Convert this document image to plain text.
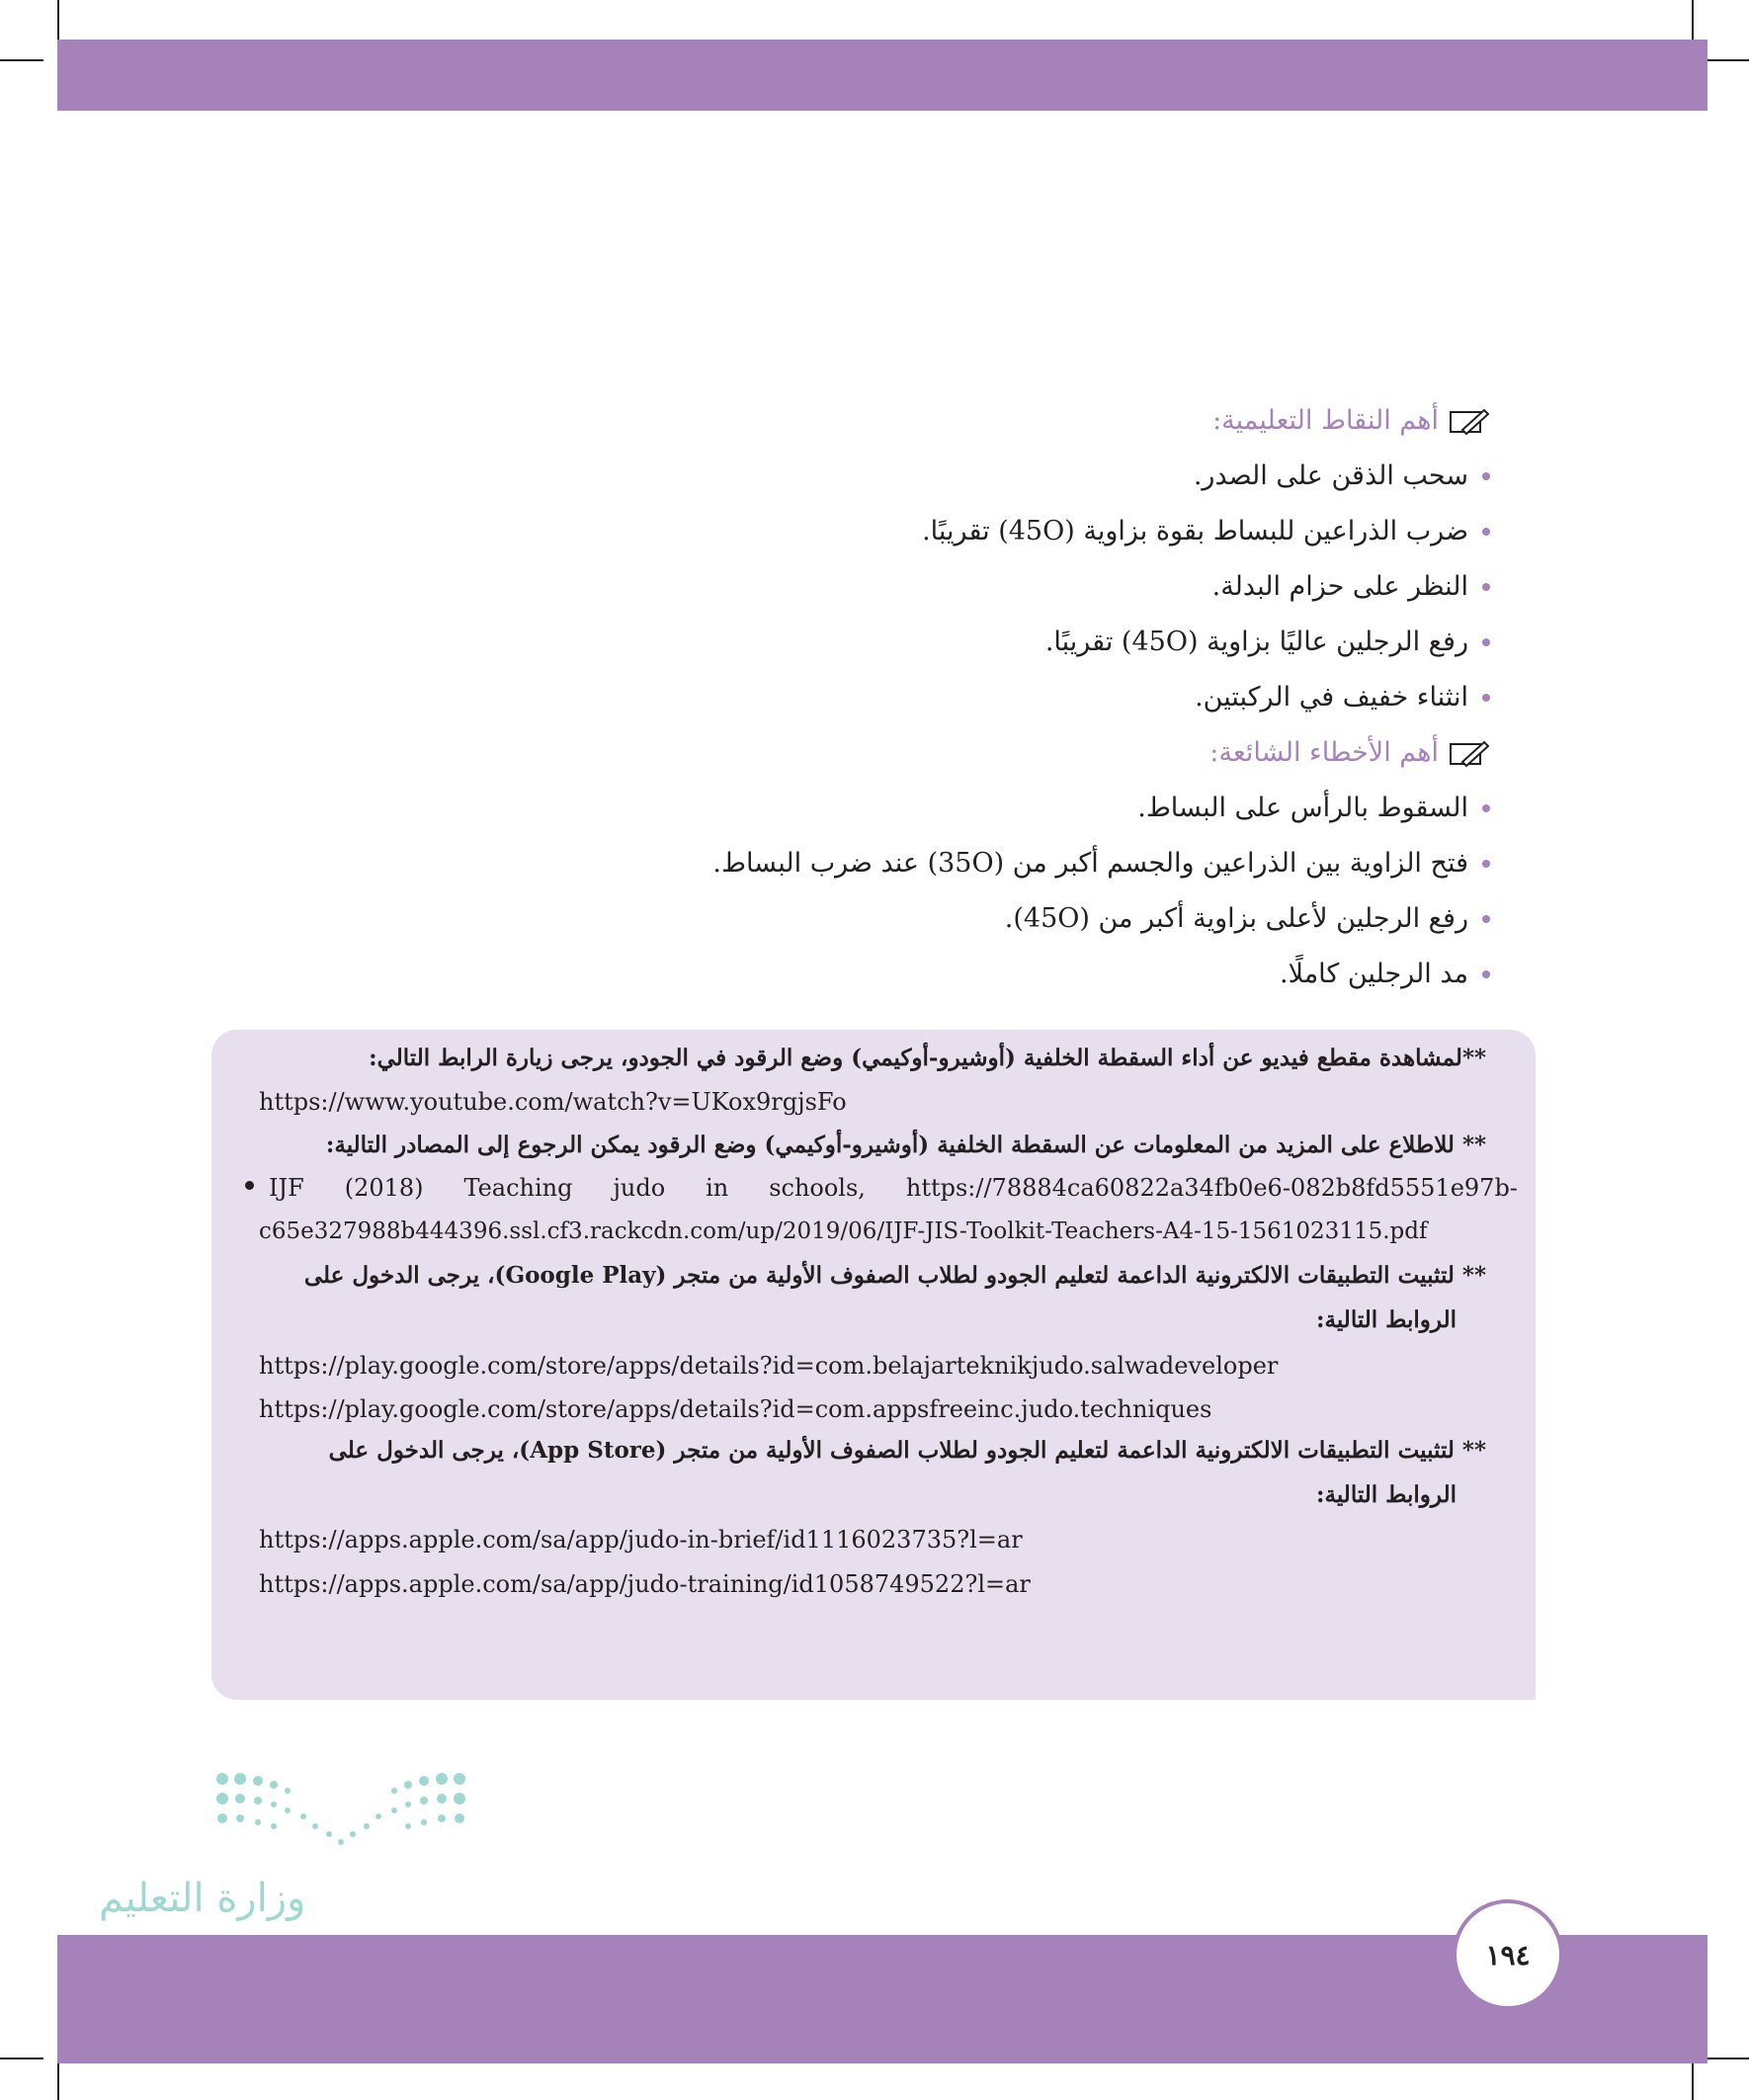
أهم النقاط التعليمية:
سحب الذقن على الصدر.
ضرب الذراعين للبساط بقوة بزاوية (45O) تقريبًا.
النظر على حزام البدلة.
رفع الرجلين عاليًا بزاوية (45O) تقريبًا.
انثناء خفيف في الركبتين.
أهم الأخطاء الشائعة:
السقوط بالرأس على البساط.
فتح الزاوية بين الذراعين والجسم أكبر من (35O) عند ضرب البساط.
رفع الرجلين لأعلى بزاوية أكبر من (45O).
مد الرجلين كاملًا.
**لمشاهدة مقطع فيديو عن أداء السقطة الخلفية (أوشيرو-أوكيمي) وضع الرقود في الجودو، يرجى زيارة الرابط التالي:
https://www.youtube.com/watch?v=UKox9rgjsFo
** للاطلاع على المزيد من المعلومات عن السقطة الخلفية (أوشيرو-أوكيمي) وضع الرقود يمكن الرجوع إلى المصادر التالية:
IJF (2018) Teaching judo in schools, https://78884ca60822a34fb0e6-082b8fd5551e97b-
c65e327988b444396.ssl.cf3.rackcdn.com/up/2019/06/IJF-JIS-Toolkit-Teachers-A4-15-1561023115.pdf
** لتثبيت التطبيقات الالكترونية الداعمة لتعليم الجودو لطلاب الصفوف الأولية من متجر (Google Play)، يرجى الدخول على
الروابط التالية:
https://play.google.com/store/apps/details?id=com.belajarteknikjudo.salwadeveloper
https://play.google.com/store/apps/details?id=com.appsfreeinc.judo.techniques
** لتثبيت التطبيقات الالكترونية الداعمة لتعليم الجودو لطلاب الصفوف الأولية من متجر (App Store)، يرجى الدخول على
الروابط التالية:
https://apps.apple.com/sa/app/judo-in-brief/id1116023735?l=ar
https://apps.apple.com/sa/app/judo-training/id1058749522?l=ar
وزارة التعليم
١٩٤
